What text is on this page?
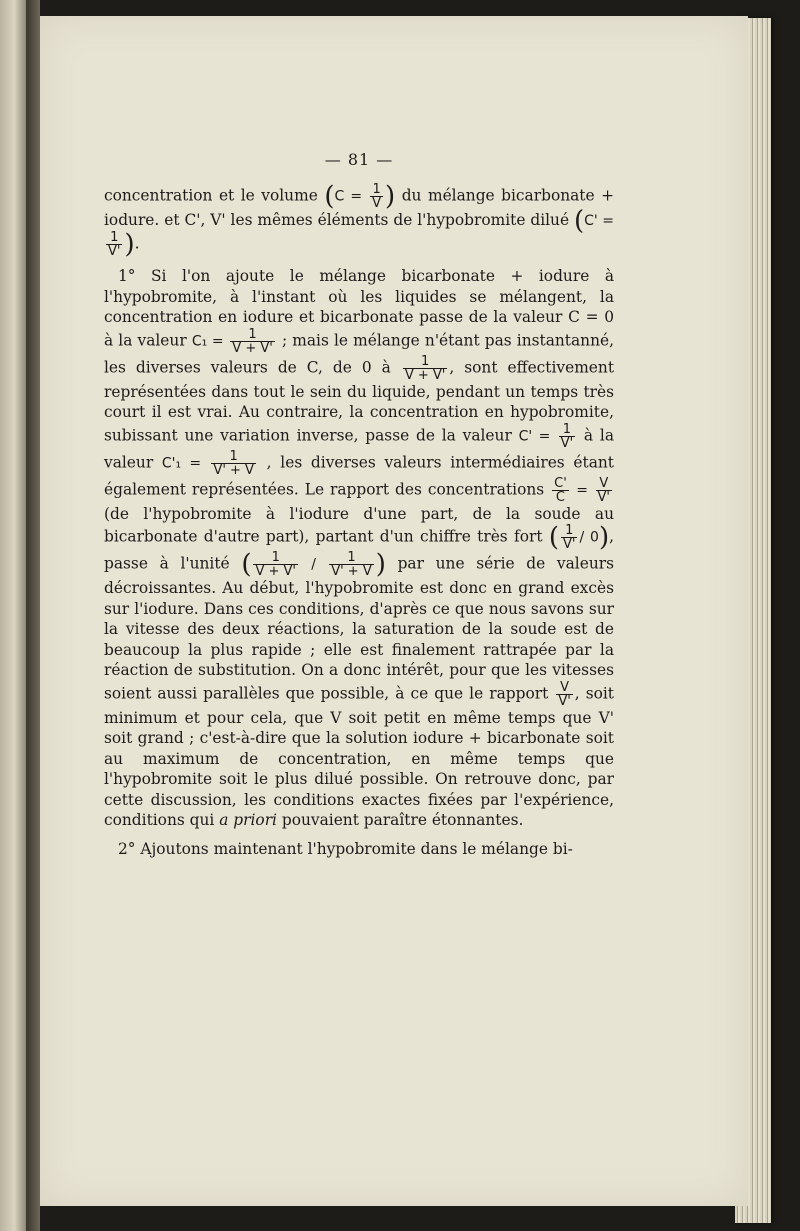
— 81 —

concentration et le volume ($C = \frac{1}{V}$ ) du mélange bicarbonate + iodure. et C', V' les mêmes éléments de l'hypobromite dilué (C' =
$\frac{1}{V'}$ ).

1° Si l'on ajoute le mélange bicarbonate + iodure à l'hypobromite, à l'instant où les liquides se mélangent, la concentration en iodure et bicarbonate passe de la valeur C = 0 à la valeur $C_1 = \frac{1}{V + V'}$ ; mais le mélange n'étant pas instantanné, les diverses valeurs de C, de 0 à $\frac{1}{V + V'}$ , sont effectivement représentées dans tout le sein du liquide, pendant un temps très court il est vrai. Au contraire, la concentration en hypobromite, subissant une variation inverse, passe de la valeur $C' = \frac{1}{V'}$ à la valeur $C'_1 = \frac{1}{V' + V}$ , les diverses valeurs intermédiaires étant également représentées. Le rapport des concentrations $\frac{C'}{C} = \frac{V}{V'}$
(de l'hypobromite à l'iodure d'une part, de la soude au bicarbonate d'autre part), partant d'un chiffre très fort ( $\frac{1}{V'} / 0$), passe à l'unité ( $\frac{1}{V + V'} / \frac{1}{V' + V}$ ) par une série de valeurs décroissantes. Au début, l'hypobromite est donc en grand excès sur l'iodure. Dans ces conditions, d'après ce que nous savons sur la vitesse des deux réactions, la saturation de la soude est de beaucoup la plus rapide ; elle est finalement rattrapée par la réaction de substitution. On a donc intérêt, pour que les vitesses soient aussi parallèles que possible, à ce que le rapport $\frac{V}{V'}$ , soit minimum et pour cela, que V soit petit en même temps que V' soit grand ; c'est-à-dire que la solution iodure + bicarbonate soit au maximum de concentration, en même temps que l'hypobromite soit le plus dilué possible. On retrouve donc, par cette discussion, les conditions exactes fixées par l'expérience, conditions qui a priori pouvaient paraître étonnantes.

2° Ajoutons maintenant l'hypobromite dans le mélange bi-
